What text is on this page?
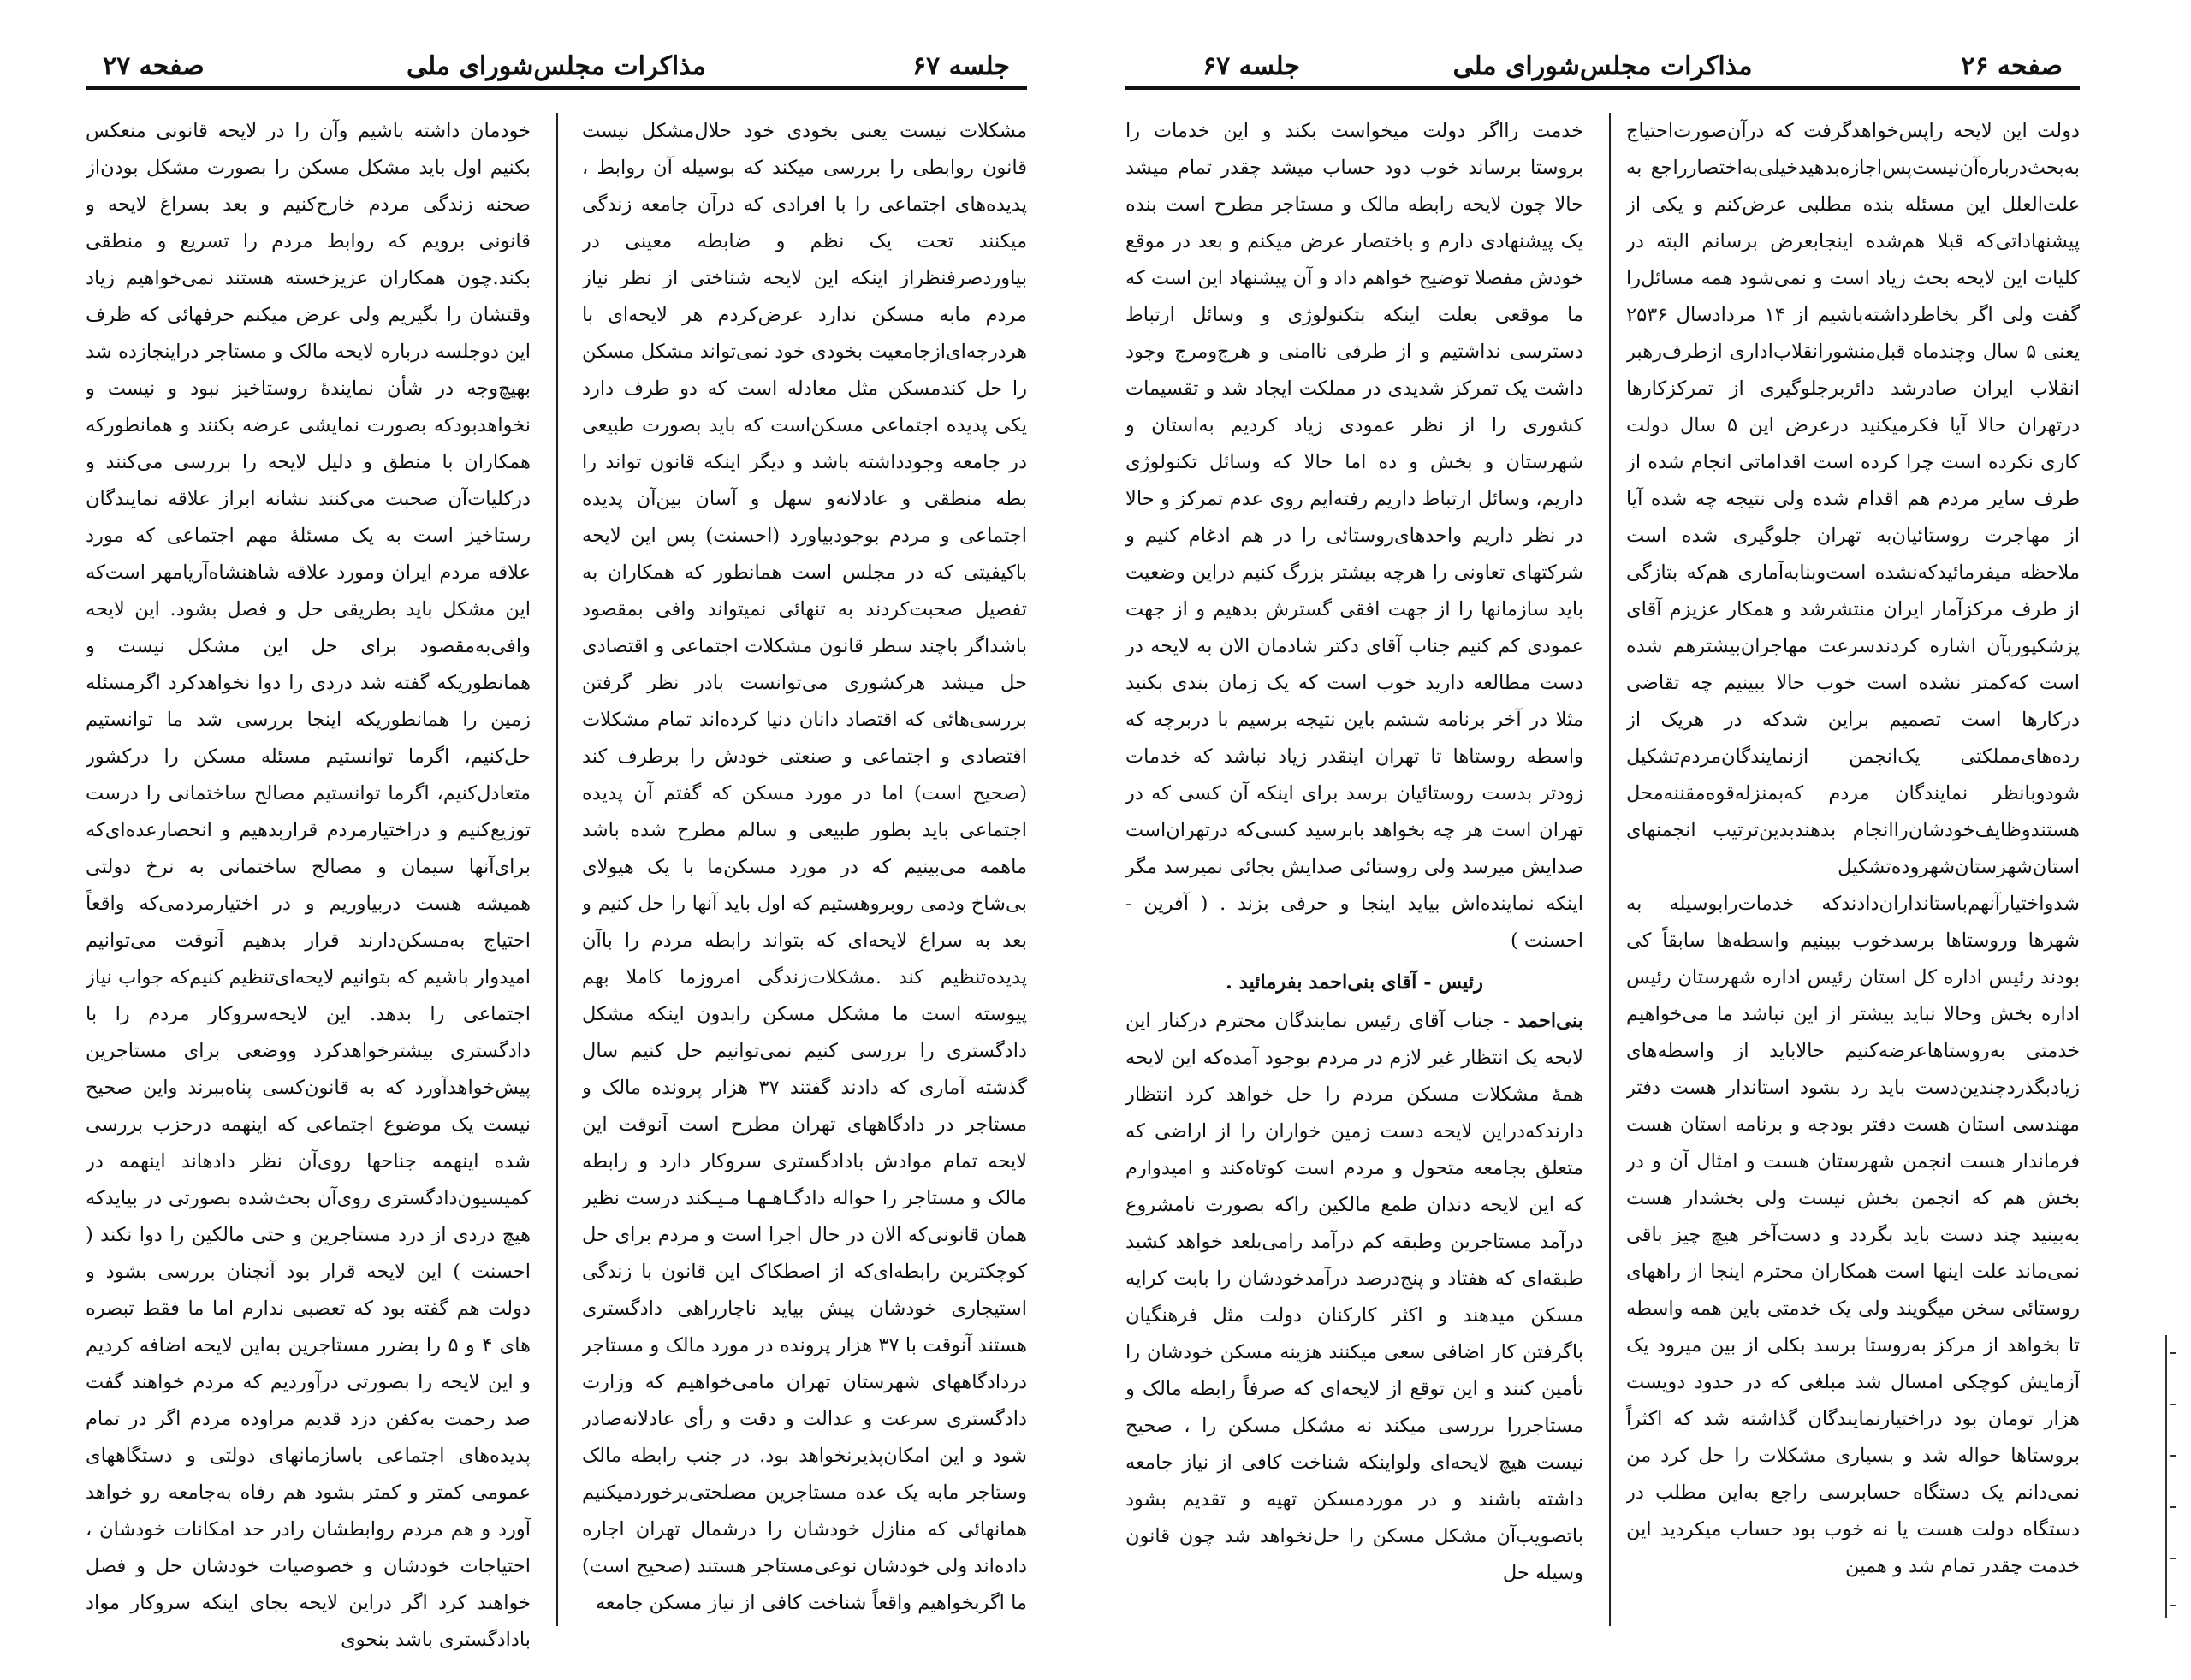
جلسه ۶۷
مذاکرات مجلس‌شورای ملی
صفحه ۲۷

مشکلات نیست یعنی بخودی خود حلال‌مشکل نیست قانون روابطی را بررسی میکند که بوسیله آن روابط ، پدیده‌های اجتماعی را با افرادی که درآن جامعه زندگی میکنند تحت یک نظم و ضابطه معینی در بیاوردصرفنظراز اینکه این لایحه شناختی از نظر نیاز مردم مابه مسکن ندارد عرض‌کردم هر لایحه‌ای با هردرجه‌ای‌ازجامعیت بخودی خود نمی‌تواند مشکل مسکن را حل کندمسکن مثل معادله است که دو طرف دارد یکی پدیده اجتماعی مسکن‌است که باید بصورت طبیعی در جامعه وجودداشته باشد و دیگر اینکه قانون تواند را بطه منطقی و عادلانه‌و سهل و آسان بین‌آن پدیده اجتماعی و مردم بوجودبیاورد (احسنت) پس این لایحه باکیفیتی که در مجلس است همانطور که همکاران به تفصیل صحبت‌کردند به تنهائی نمیتواند وافی بمقصود باشداگر باچند سطر قانون مشکلات اجتماعی و اقتصادی حل میشد هرکشوری می‌توانست بادر نظر گرفتن بررسی‌هائی که اقتصاد دانان دنیا کرده‌اند تمام مشکلات اقتصادی و اجتماعی و صنعتی خودش را برطرف کند (صحیح است) اما در مورد مسکن که گفتم آن پدیده اجتماعی باید بطور طبیعی و سالم مطرح شده باشد ماهمه می‌بینیم که در مورد مسکن‌ما با یک هیولای بی‌شاخ ودمی روبروهستیم که اول باید آنها را حل کنیم و بعد به سراغ لایحه‌ای که بتواند رابطه مردم را باآن پدیده‌تنظیم کند .مشکلات‌زندگی امروزما کاملا بهم پیوسته است ما مشکل مسکن رابدون اینکه مشکل دادگستری را بررسی کنیم نمی‌توانیم حل کنیم سال گذشته آماری که دادند گفتند ۳۷ هزار پرونده مالک و مستاجر در دادگاههای تهران مطرح است آنوقت این لایحه تمام موادش بادادگستری سروکار دارد و رابطه مالک و مستاجر را حواله دادگـاهـهـا مـیـکند درست نظیر همان قانونی‌که الان در حال اجرا است و مردم برای حل کوچکترین رابطه‌ای‌که از اصطکاک این قانون با زندگی استیجاری خودشان پیش بیاید ناچارراهی دادگستری هستند آنوقت با ۳۷ هزار پرونده در مورد مالک و مستاجر دردادگاههای شهرستان تهران مامی‌خواهیم که وزارت دادگستری سرعت و عدالت و دقت و رأی عادلانه‌صادر شود و این امکان‌پذیرنخواهد بود. در جنب رابطه مالک وستاجر مابه یک عده مستاجرین مصلحتی‌برخوردمیکنیم همانهائی که منازل خودشان را درشمال تهران اجاره داده‌اند ولی خودشان نوعی‌مستاجر هستند (صحیح است) ما اگربخواهیم واقعاً شناخت کافی از نیاز مسکن جامعه

خودمان داشته باشیم وآن را در لایحه قانونی منعکس بکنیم اول باید مشکل مسکن را بصورت مشکل بودن‌از صحنه زندگی مردم خارج‌کنیم و بعد بسراغ لایحه و قانونی برویم که روابط مردم را تسریع و منطقی بکند.چون همکاران عزیزخسته هستند نمی‌خواهیم زیاد وقتشان را بگیریم ولی عرض میکنم حرفهائی که ظرف این دوجلسه درباره لایحه مالک و مستاجر دراینجازده شد بهیچ‌وجه در شأن نمایندهٔ روستاخیز نبود و نیست و نخواهدبود‌که بصورت نمایشی عرضه بکنند و همانطورکه همکاران با منطق و دلیل لایحه را بررسی می‌کنند و درکلیات‌آن صحبت می‌کنند نشانه ابراز علاقه نمایندگان رستاخیز است به یک مسئلهٔ مهم اجتماعی که مورد علاقه مردم ایران ومورد علاقه شاهنشاه‌آریامهر است‌که این مشکل باید بطریقی حل و فصل بشود. این لایحه وافی‌به‌مقصود برای حل این مشکل نیست و همانطوریکه گفته شد دردی را دوا نخواهد‌کرد اگرمسئله زمین را همانطوریکه اینجا بررسی شد ما توانستیم حل‌کنیم، اگرما توانستیم مسئله مسکن را درکشور متعادل‌کنیم، اگرما توانستیم مصالح ساختمانی را درست توزیع‌کنیم و دراختیارمردم قراربدهیم و انحصارعده‌ای‌که برای‌آنها سیمان و مصالح ساختمانی به نرخ دولتی همیشه هست دربیاوریم و در اختیارمردمی‌که واقعاً احتیاج به‌مسکن‌دارند قرار بدهیم آنوقت می‌توانیم امیدوار باشیم که بتوانیم لایحه‌ای‌تنظیم کنیم‌که جواب نیاز اجتماعی را بدهد. این لایحه‌سروکار مردم را با دادگستری بیشترخواهدکرد ووضعی برای مستاجرین پیش‌خواهدآورد که به قانون‌کسی پناه‌ببرند واین صحیح نیست یک موضوع اجتماعی که اینهمه درحزب بررسی شده اینهمه جناحها روی‌آن نظر دادهاند اینهمه در کمیسیون‌دادگستری روی‌آن بحث‌شده بصورتی در بیایدکه هیچ دردی از درد مستاجرین و حتی مالکین را دوا نکند ( احسنت ) این لایحه قرار بود آنچنان بررسی بشود و دولت هم گفته بود که تعصبی ندارم اما ما فقط تبصره های ۴ و ۵ را بضرر مستاجرین به‌این لایحه اضافه کردیم و این لایحه را بصورتی درآوردیم که مردم خواهند گفت صد رحمت به‌کفن دزد قدیم مراوده مردم اگر در تمام پدیده‌های اجتماعی باسازمانهای دولتی و دستگاههای عمومی کمتر و کمتر بشود هم رفاه به‌جامعه رو خواهد آورد و هم مردم روابطشان رادر حد امکانات خودشان ، احتیاجات خودشان و خصوصیات خودشان حل و فصل خواهند کرد اگر دراین لایحه بجای اینکه سروکار مواد بادادگستری باشد بنحوی

صفحه ۲۶
مذاکرات مجلس‌شورای ملی
جلسه ۶۷

دولت این لایحه راپس‌خواهدگرفت که درآن‌صورت‌احتیاج به‌بحث‌درباره‌آن‌نیست‌پس‌اجازه‌بدهیدخیلی‌به‌اختصار‌راجع به علت‌العلل این مسئله بنده مطلبی عرض‌کنم و یکی از پیشنهاداتی‌که قبلا هم‌شده اینجابعرض برسانم البته در کلیات این لایحه بحث زیاد است و نمی‌شود همه مسائل‌را گفت ولی اگر بخاطرداشته‌باشیم از ۱۴ مردادسال ۲۵۳۶ یعنی ۵ سال وچندماه قبل‌منشورانقلاب‌اداری ازطرف‌رهبر انقلاب ایران صادرشد دائربرجلوگیری از تمرکز‌کارها درتهران حالا آیا فکرمیکنید درعرض این ۵ سال دولت کاری نکرده است چرا کرده است اقداماتی انجام شده از طرف سایر مردم هم اقدام شده ولی نتیجه چه شده آیا از مهاجرت روستائیان‌به تهران جلوگیری شده است ملاحظه میفرمائیدکه‌نشده است‌وبنابه‌آماری هم‌که بتازگی از طرف مرکزآمار ایران منتشرشد و همکار عزیزم آقای پزشکپور‌بآن اشاره کردندسرعت مهاجران‌بیشترهم شده است که‌کمتر نشده است خوب حالا ببینیم چه تقاضی درکارها است تصمیم براین شدکه در هریک از رده‌های‌مملکتی یک‌انجمن ازنمایندگان‌مردم‌تشکیل شودوبانظر نمایندگان مردم که‌بمنزله‌قوه‌مقننه‌محل هستندوظایف‌خودشان‌راانجام بدهندبدین‌ترتیب انجمنهای استان‌شهرستان‌شهروده‌تشکیل شدواختیارآنهم‌باستانداران‌دادندکه خدمات‌را‌بوسیله به شهرها وروستاها برسدخوب ببینیم واسطه‌ها سابقاً کی بودند رئیس اداره کل استان رئیس اداره شهرستان رئیس اداره بخش وحالا نباید بیشتر از این نباشد ما می‌خواهیم خدمتی به‌روستاها‌عرضه‌کنیم حالاباید از واسطه‌های زیادبگذرد‌چندین‌دست باید رد بشود استاندار هست دفتر مهندسی استان هست دفتر بودجه و برنامه استان هست فرماندار هست انجمن شهرستان هست و امثال آن و در بخش هم که انجمن بخش نیست ولی بخشدار هست به‌بینید چند دست باید بگردد و دست‌آخر هیچ چیز باقی نمی‌ماند علت اینها است همکاران محترم اینجا از راههای روستائی سخن میگویند ولی یک خدمتی باین همه واسطه تا بخواهد از مرکز به‌روستا برسد بکلی از بین میرود یک آزمایش کوچکی امسال شد مبلغی که در حدود دویست هزار تومان بود دراختیارنمایندگان گذاشته شد که اکثراً بروستاها حواله شد و بسیاری مشکلات را حل کرد من نمی‌دانم یک دستگاه حسابرسی راجع به‌این مطلب در دستگاه دولت هست یا نه خوب بود حساب میکردید این خدمت چقدر تمام شد و همین

خدمت رااگر دولت میخواست بکند و این خدمات را بروستا برساند خوب دود حساب میشد چقدر تمام میشد حالا چون لایحه رابطه مالک و مستاجر مطرح است بنده یک پیشنهادی دارم و باختصار عرض میکنم و بعد در موقع خودش مفصلا توضیح خواهم داد و آن پیشنهاد این است که ما موقعی بعلت اینکه بتکنولوژی و وسائل ارتباط دسترسی نداشتیم و از طرفی ناامنی و هرج‌ومرج وجود داشت یک تمرکز شدیدی در مملکت ایجاد شد و تقسیمات کشوری را از نظر عمودی زیاد کردیم به‌استان و شهرستان و بخش و ده اما حالا که وسائل تکنولوژی داریم، وسائل ارتباط داریم رفته‌ایم روی عدم تمرکز و حالا در نظر داریم واحدهای‌روستائی را در هم ادغام کنیم و شرکتهای تعاونی را هرچه بیشتر بزرگ کنیم دراین وضعیت باید سازمانها را از جهت افقی گسترش بدهیم و از جهت عمودی کم کنیم جناب آقای دکتر شادمان الان به لایحه در دست مطالعه دارید خوب است که یک زمان بندی بکنید مثلا در آخر برنامه ششم باین نتیجه برسیم با دربرچه که واسطه روستاها تا تهران اینقدر زیاد نباشد که خدمات زودتر بدست روستائیان برسد برای اینکه آن کسی که در تهران است هر چه بخواهد بابرسید کسی‌که درتهران‌است صدایش میرسد ولی روستائی صدایش بجائی نمیرسد مگر اینکه نماینده‌اش بیاید اینجا و حرفی بزند . ( آفرین - احسنت )

رئیس - آقای بنی‌احمد بفرمائید .

بنی‌احمد - جناب آقای رئیس نمایندگان محترم درکنار این لایحه یک انتظار غیر لازم در مردم بوجود آمده‌که این لایحه همهٔ مشکلات مسکن مردم را حل خواهد کرد انتظار دارند‌که‌دراین لایحه دست زمین خواران را از اراضی که متعلق بجامعه متحول و مردم است کوتاه‌کند و امیدوارم که این لایحه دندان طمع مالکین راکه بصورت نامشروع درآمد مستاجرین وطبقه کم درآمد رامی‌بلعد خواهد کشید طبقه‌ای که هفتاد و پنج‌درصد درآمدخودشان را بابت کرایه مسکن میدهند و اکثر کارکنان دولت مثل فرهنگیان باگرفتن کار اضافی سعی میکنند هزینه مسکن خودشان را تأمین کنند و این توقع از لایحه‌ای که صرفاً رابطه مالک و مستاجررا بررسی میکند نه مشکل مسکن را ، صحیح نیست هیچ لایحه‌ای ولواینکه شناخت کافی از نیاز جامعه داشته باشند و در موردمسکن تهیه و تقدیم بشود باتصویب‌آن مشکل مسکن را حل‌نخواهد شد چون قانون وسیله حل
